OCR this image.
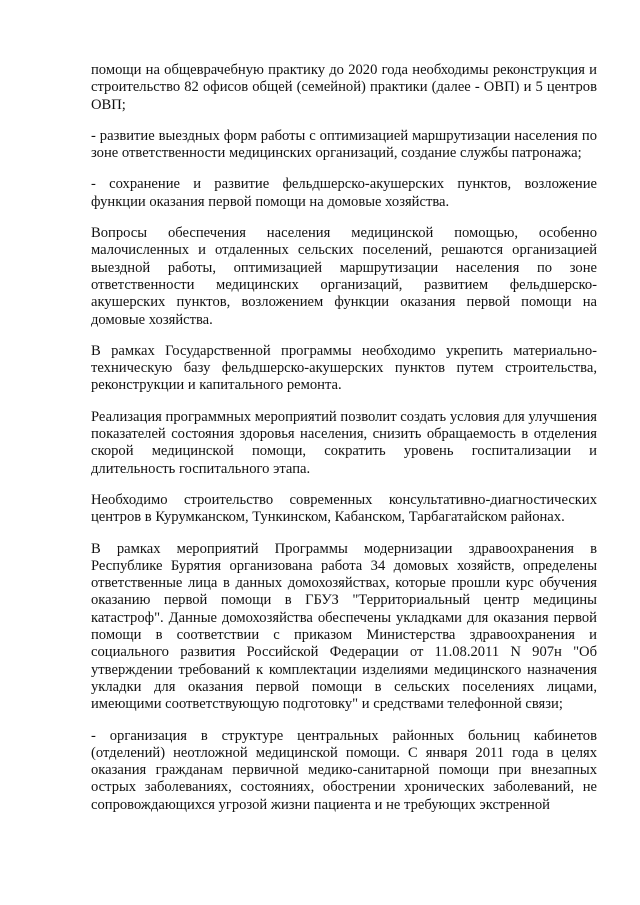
помощи на общеврачебную практику до 2020 года необходимы реконструкция и строительство 82 офисов общей (семейной) практики (далее - ОВП) и 5 центров ОВП;

- развитие выездных форм работы с оптимизацией маршрутизации населения по зоне ответственности медицинских организаций, создание службы патронажа;

- сохранение и развитие фельдшерско-акушерских пунктов, возложение функции оказания первой помощи на домовые хозяйства.

Вопросы обеспечения населения медицинской помощью, особенно малочисленных и отдаленных сельских поселений, решаются организацией выездной работы, оптимизацией маршрутизации населения по зоне ответственности медицинских организаций, развитием фельдшерско-акушерских пунктов, возложением функции оказания первой помощи на домовые хозяйства.

В рамках Государственной программы необходимо укрепить материально-техническую базу фельдшерско-акушерских пунктов путем строительства, реконструкции и капитального ремонта.

Реализация программных мероприятий позволит создать условия для улучшения показателей состояния здоровья населения, снизить обращаемость в отделения скорой медицинской помощи, сократить уровень госпитализации и длительность госпитального этапа.

Необходимо строительство современных консультативно-диагностических центров в Курумканском, Тункинском, Кабанском, Тарбагатайском районах.

В рамках мероприятий Программы модернизации здравоохранения в Республике Бурятия организована работа 34 домовых хозяйств, определены ответственные лица в данных домохозяйствах, которые прошли курс обучения оказанию первой помощи в ГБУЗ "Территориальный центр медицины катастроф". Данные домохозяйства обеспечены укладками для оказания первой помощи в соответствии с приказом Министерства здравоохранения и социального развития Российской Федерации от 11.08.2011 N 907н "Об утверждении требований к комплектации изделиями медицинского назначения укладки для оказания первой помощи в сельских поселениях лицами, имеющими соответствующую подготовку" и средствами телефонной связи;

- организация в структуре центральных районных больниц кабинетов (отделений) неотложной медицинской помощи. С января 2011 года в целях оказания гражданам первичной медико-санитарной помощи при внезапных острых заболеваниях, состояниях, обострении хронических заболеваний, не сопровождающихся угрозой жизни пациента и не требующих экстренной
